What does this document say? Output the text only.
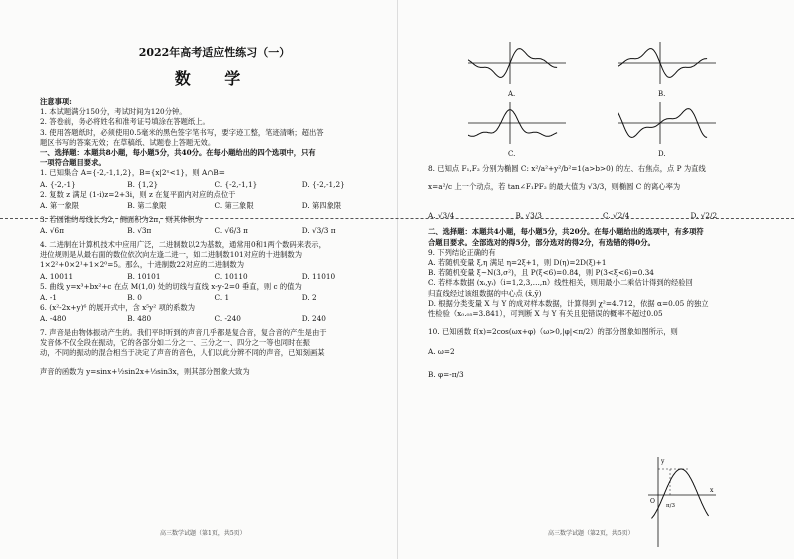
2022年高考适应性练习（一）
数 学
注意事项:
1. 本试题满分150分，考试时间为120分钟。
2. 答卷前，务必将姓名和准考证号填涂在答题纸上。
3. 使用答题纸时，必须使用0.5毫米的黑色签字笔书写，要字迹工整，笔迹清晰；超出答
题区书写的答案无效；在草稿纸、试题卷上答题无效。
一、选择题：本题共8小题，每小题5分，共40分。在每小题给出的四个选项中，只有
一项符合题目要求。
1. 已知集合 A={-2,-1,1,2}，B={x|2ˣ<1}，则 A∩B=
A. {-2,-1}	B. {1,2}	C. {-2,-1,1}	D. {-2,-1,2}
2. 复数 z 满足 (1-i)z=2+3i，则 z 在复平面内对应的点位于
A. 第一象限	B. 第二象限	C. 第三象限	D. 第四象限
3. 若圆锥的母线长为2，侧面积为2π，则其体积为
A. √6π	B. √3π	C. √6/3 π	D. √3/3 π
4. 二进制在计算机技术中应用广泛，二进制数以2为基数，通常用0和1两个数码来表示，
进位规则是从最右面的数位依次向左逢二进一，如二进制数101对应的十进制数为
1×2²+0×2¹+1×2⁰=5。那么，十进制数22对应的二进制数为
A. 10011	B. 10101	C. 10110	D. 11010
5. 曲线 y=x³+bx²+c 在点 M(1,0) 处的切线与直线 x-y-2=0 垂直，则 c 的值为
A. -1	B. 0	C. 1	D. 2
6. (x²-2x+y)⁶ 的展开式中，含 x⁵y² 项的系数为
A. -480	B. 480	C. -240	D. 240
7. 声音是由物体振动产生的。我们平时听到的声音几乎都是复合音，复合音的产生是由于
发音体不仅全段在振动，它的各部分如二分之一、三分之一、四分之一等也同时在振
动，不同的振动的混合相当于决定了声音的音色，人们以此分辨不同的声音，已知刻画某
声音的函数为 y=sinx+½sin2x+⅓sin3x，则其部分图象大致为
高三数学试题（第1页，共5页）
A.	B.
C.	D.
8. 已知点 F₁,F₂ 分别为椭圆 C: x²/a²+y²/b²=1(a>b>0) 的左、右焦点，点 P 为直线
x=a²/c 上一个动点，若 tan∠F₁PF₂ 的最大值为 √3/3，则椭圆 C 的离心率为
A. √3/4	B. √3/3	C. √2/4	D. √2/2
二、选择题：本题共4小题，每小题5分，共20分。在每小题给出的选项中，有多项符
合题目要求。全部选对的得5分，部分选对的得2分，有选错的得0分。
9. 下列结论正确的有
A. 若随机变量 ξ,η 满足 η=2ξ+1，则 D(η)=2D(ξ)+1
B. 若随机变量 ξ~N(3,σ²)，且 P(ξ<6)=0.84，则 P(3<ξ<6)=0.34
C. 若样本数据 (xᵢ,yᵢ)（i=1,2,3,…,n）线性相关，则用最小二乘估计得到的经验回
归直线经过该组数据的中心点 (x̄,ȳ)
D. 根据分类变量 X 与 Y 的成对样本数据，计算得到 χ²=4.712，依据 α=0.05 的独立
性检验（x₀.₀₅=3.841），可判断 X 与 Y 有关且犯错误的概率不超过0.05
10. 已知函数 f(x)=2cos(ωx+φ)（ω>0,|φ|<π/2）的部分图象如图所示，则
A. ω=2
B. φ=-π/3
O
π/3
x
y
高三数学试题（第2页，共5页）
